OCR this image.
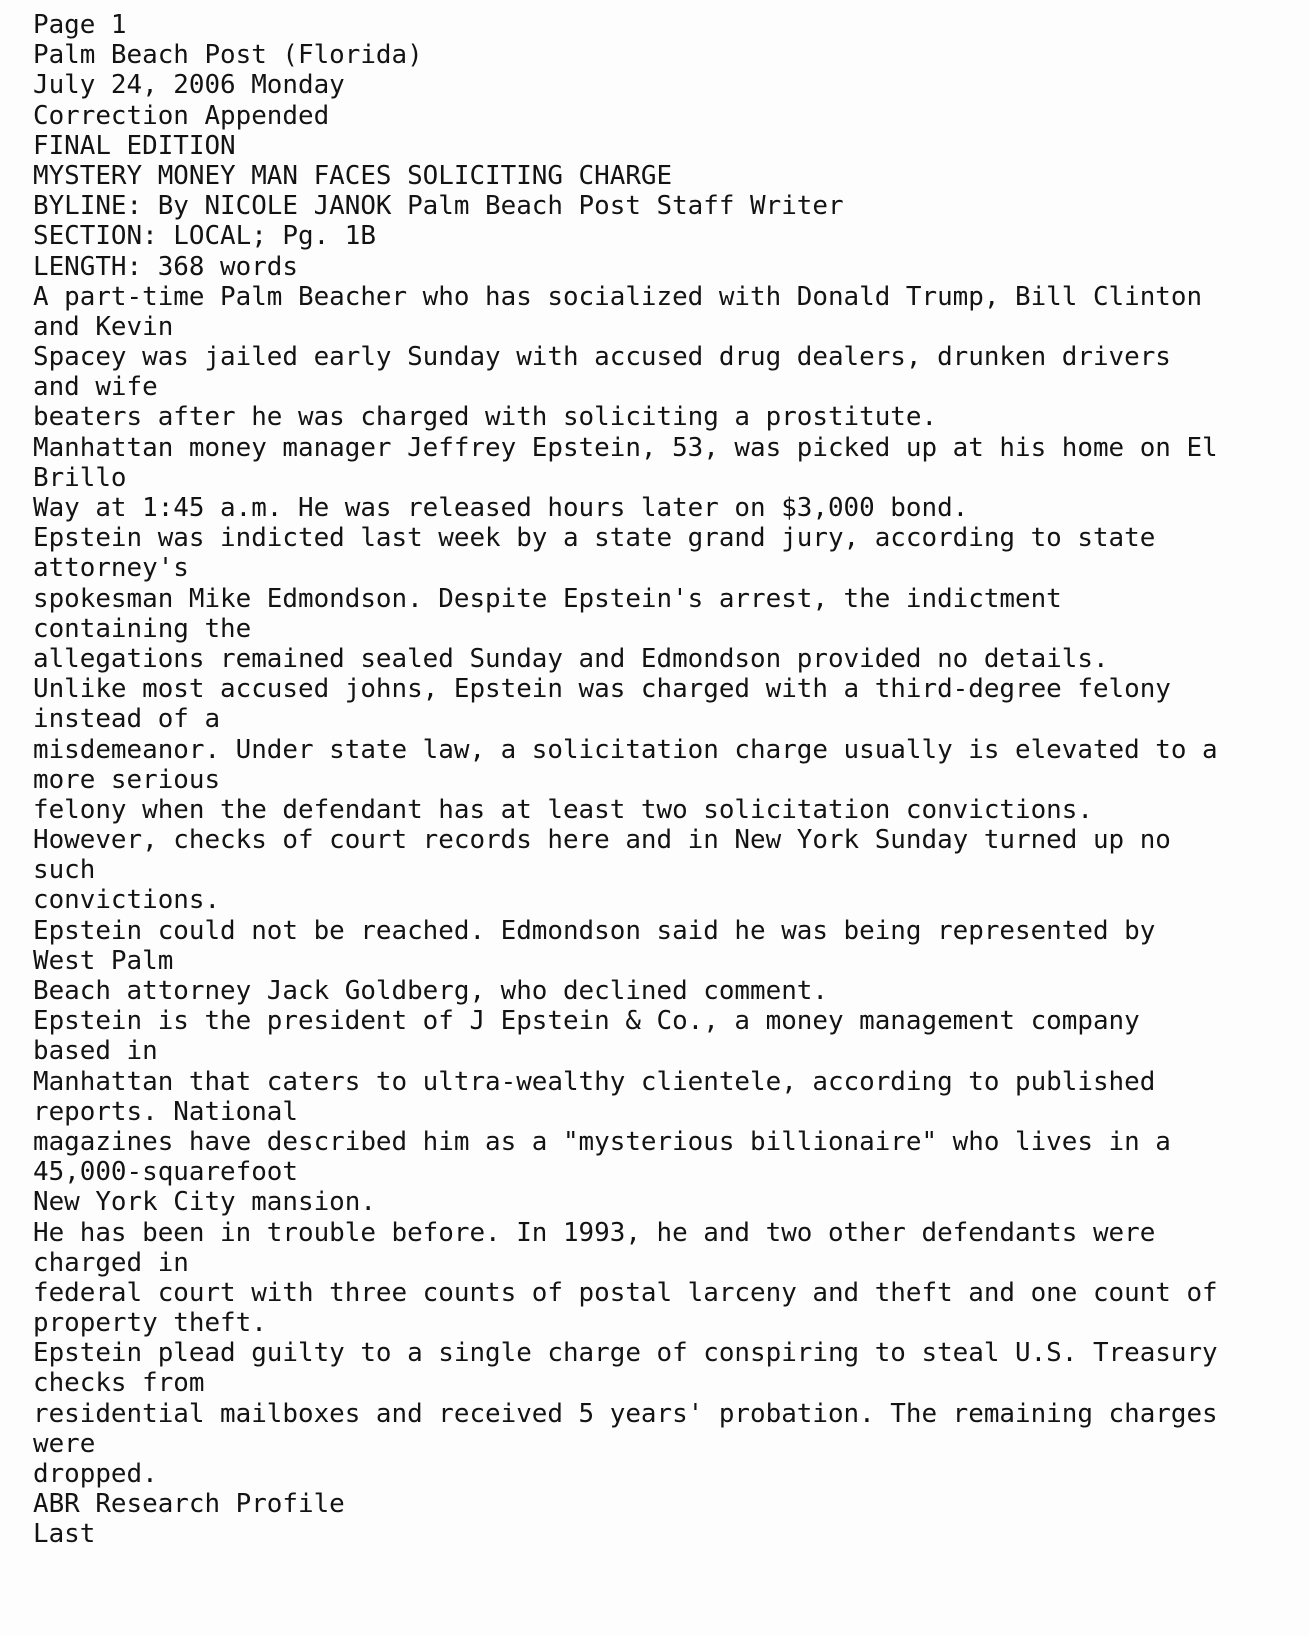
Page 1
Palm Beach Post (Florida)
July 24, 2006 Monday
Correction Appended
FINAL EDITION
MYSTERY MONEY MAN FACES SOLICITING CHARGE
BYLINE: By NICOLE JANOK Palm Beach Post Staff Writer
SECTION: LOCAL; Pg. 1B
LENGTH: 368 words
A part-time Palm Beacher who has socialized with Donald Trump, Bill Clinton
and Kevin
Spacey was jailed early Sunday with accused drug dealers, drunken drivers
and wife
beaters after he was charged with soliciting a prostitute.
Manhattan money manager Jeffrey Epstein, 53, was picked up at his home on El
Brillo
Way at 1:45 a.m. He was released hours later on $3,000 bond.
Epstein was indicted last week by a state grand jury, according to state
attorney's
spokesman Mike Edmondson. Despite Epstein's arrest, the indictment
containing the
allegations remained sealed Sunday and Edmondson provided no details.
Unlike most accused johns, Epstein was charged with a third-degree felony
instead of a
misdemeanor. Under state law, a solicitation charge usually is elevated to a
more serious
felony when the defendant has at least two solicitation convictions.
However, checks of court records here and in New York Sunday turned up no
such
convictions.
Epstein could not be reached. Edmondson said he was being represented by
West Palm
Beach attorney Jack Goldberg, who declined comment.
Epstein is the president of J Epstein & Co., a money management company
based in
Manhattan that caters to ultra-wealthy clientele, according to published
reports. National
magazines have described him as a "mysterious billionaire" who lives in a
45,000-squarefoot
New York City mansion.
He has been in trouble before. In 1993, he and two other defendants were
charged in
federal court with three counts of postal larceny and theft and one count of
property theft.
Epstein plead guilty to a single charge of conspiring to steal U.S. Treasury
checks from
residential mailboxes and received 5 years' probation. The remaining charges
were
dropped.
ABR Research Profile
Last
